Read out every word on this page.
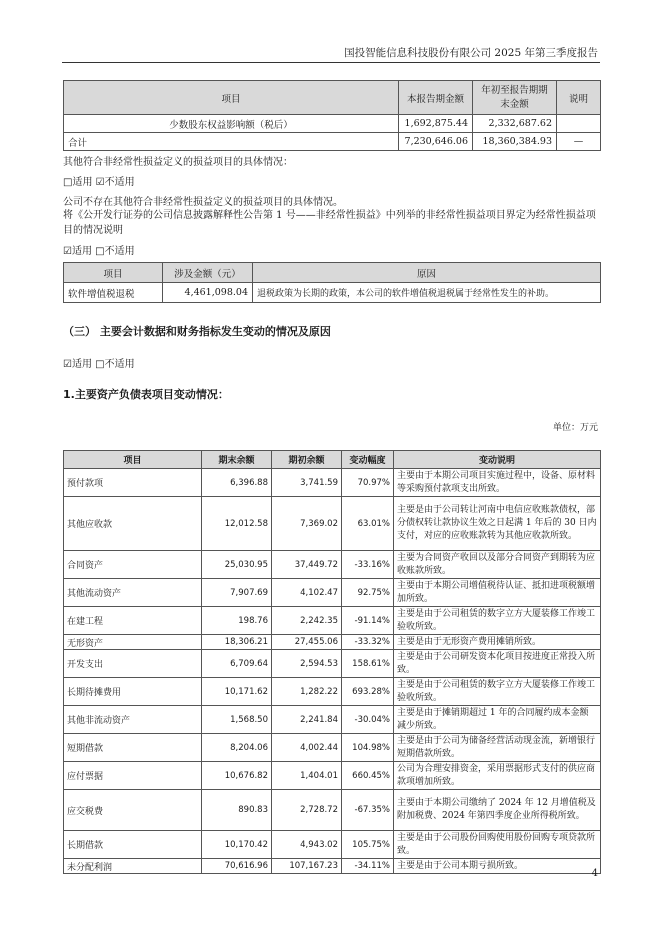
国投智能信息科技股份有限公司 2025 年第三季度报告
项目	本报告期金额	年初至报告期期末金额	说明
少数股东权益影响额（税后）	1,692,875.44	2,332,687.62	
合计	7,230,646.06	18,360,384.93	—
其他符合非经常性损益定义的损益项目的具体情况：
□适用 ☑不适用
公司不存在其他符合非经常性损益定义的损益项目的具体情况。
将《公开发行证券的公司信息披露解释性公告第 1 号——非经常性损益》中列举的非经常性损益项目界定为经常性损益项目的情况说明
☑适用 □不适用
项目	涉及金额（元）	原因
软件增值税退税	4,461,098.04	退税政策为长期的政策，本公司的软件增值税退税属于经常性发生的补助。
（三） 主要会计数据和财务指标发生变动的情况及原因
☑适用 □不适用
1.主要资产负债表项目变动情况：
单位：万元
项目	期末余额	期初余额	变动幅度	变动说明
预付款项	6,396.88	3,741.59	70.97%	主要由于本期公司项目实施过程中，设备、原材料等采购预付款项支出所致。
其他应收款	12,012.58	7,369.02	63.01%	主要是由于公司转让河南中电信应收账款债权，部分债权转让款协议生效之日起满 1 年后的 30 日内支付，对应的应收账款转为其他应收款所致。
合同资产	25,030.95	37,449.72	-33.16%	主要为合同资产收回以及部分合同资产到期转为应收账款所致。
其他流动资产	7,907.69	4,102.47	92.75%	主要由于本期公司增值税待认证、抵扣进项税额增加所致。
在建工程	198.76	2,242.35	-91.14%	主要是由于公司租赁的数字立方大厦装修工作竣工验收所致。
无形资产	18,306.21	27,455.06	-33.32%	主要是由于无形资产费用摊销所致。
开发支出	6,709.64	2,594.53	158.61%	主要是由于公司研发资本化项目按进度正常投入所致。
长期待摊费用	10,171.62	1,282.22	693.28%	主要是由于公司租赁的数字立方大厦装修工作竣工验收所致。
其他非流动资产	1,568.50	2,241.84	-30.04%	主要是由于摊销期超过 1 年的合同履约成本金额减少所致。
短期借款	8,204.06	4,002.44	104.98%	主要是由于公司为储备经营活动现金流，新增银行短期借款所致。
应付票据	10,676.82	1,404.01	660.45%	公司为合理安排资金，采用票据形式支付的供应商款项增加所致。
应交税费	890.83	2,728.72	-67.35%	主要由于本期公司缴纳了 2024 年 12 月增值税及附加税费、2024 年第四季度企业所得税所致。
长期借款	10,170.42	4,943.02	105.75%	主要是由于公司股份回购使用股份回购专项贷款所致。
未分配利润	70,616.96	107,167.23	-34.11%	主要是由于公司本期亏损所致。
4
